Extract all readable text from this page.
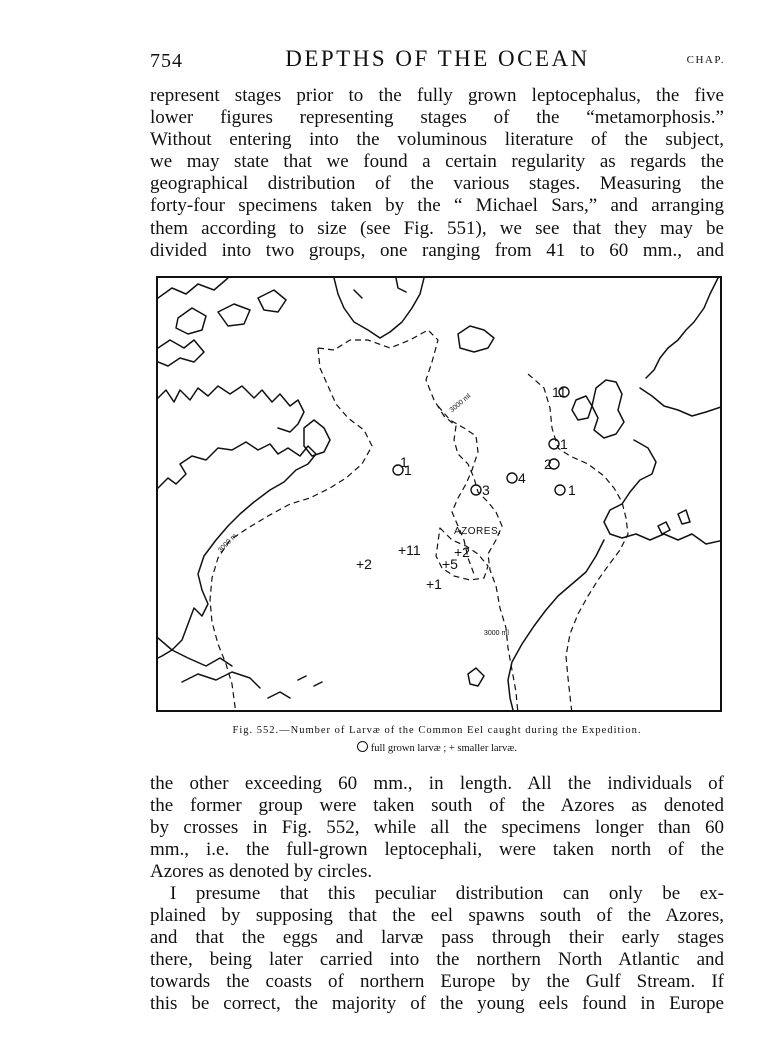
754	DEPTHS OF THE OCEAN	CHAP.
represent stages prior to the fully grown leptocephalus, the five
lower figures representing stages of the “metamorphosis.”
Without entering into the voluminous literature of the subject,
we may state that we found a certain regularity as regards the
geographical distribution of the various stages. Measuring the
forty-four specimens taken by the “ Michael Sars,” and arranging
them according to size (see Fig. 551), we see that they may be
divided into two groups, one ranging from 41 to 60 mm., and
1
3
4
1
2
1
11
1
+2
+11 +2
+5
+1
AZORES.
3000 m
3000 ml
3000 ml
Fig. 552.—Number of Larvæ of the Common Eel caught during the Expedition.
full grown larvæ ; + smaller larvæ.
the other exceeding 60 mm., in length. All the individuals of
the former group were taken south of the Azores as denoted
by crosses in Fig. 552, while all the specimens longer than 60
mm., i.e. the full-grown leptocephali, were taken north of the
Azores as denoted by circles.
I presume that this peculiar distribution can only be ex-
plained by supposing that the eel spawns south of the Azores,
and that the eggs and larvæ pass through their early stages
there, being later carried into the northern North Atlantic and
towards the coasts of northern Europe by the Gulf Stream. If
this be correct, the majority of the young eels found in Europe
